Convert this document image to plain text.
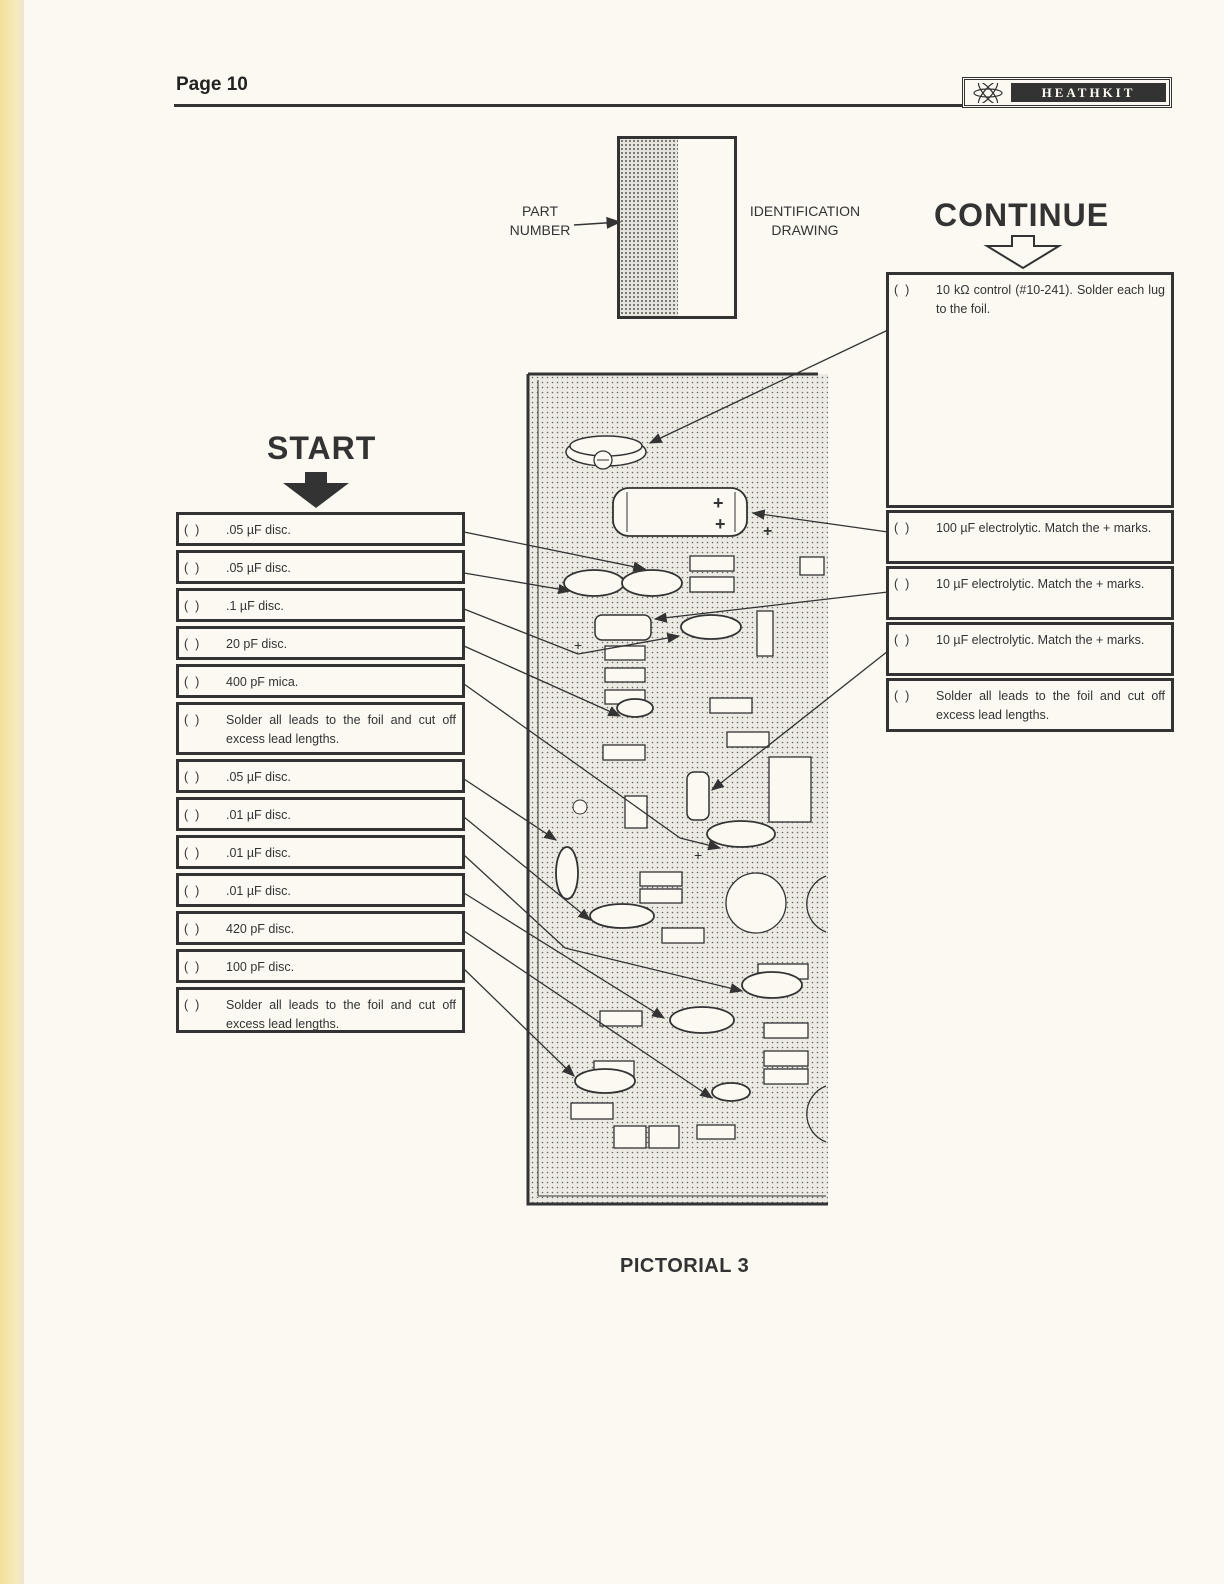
Page 10	HEATHKIT
PART
NUMBER
IDENTIFICATION
DRAWING
START
CONTINUE
+
+ +
+
+
(  )	.05 µF disc.
(  )	.05 µF disc.
(  )	.1 µF disc.
(  )	20 pF disc.
(  )	400 pF mica.
(  )	Solder all leads to the foil and cut off excess lead lengths.
(  )	.05 µF disc.
(  )	.01 µF disc.
(  )	.01 µF disc.
(  )	.01 µF disc.
(  )	420 pF disc.
(  )	100 pF disc.
(  )	Solder all leads to the foil and cut off excess lead lengths.
(  )	10 kΩ control (#10-241). Solder each lug to the foil.
(  )	100 µF electrolytic. Match the + marks.
(  )	10 µF electrolytic. Match the + marks.
(  )	10 µF electrolytic. Match the + marks.
(  )	Solder all leads to the foil and cut off excess lead lengths.
PICTORIAL 3
